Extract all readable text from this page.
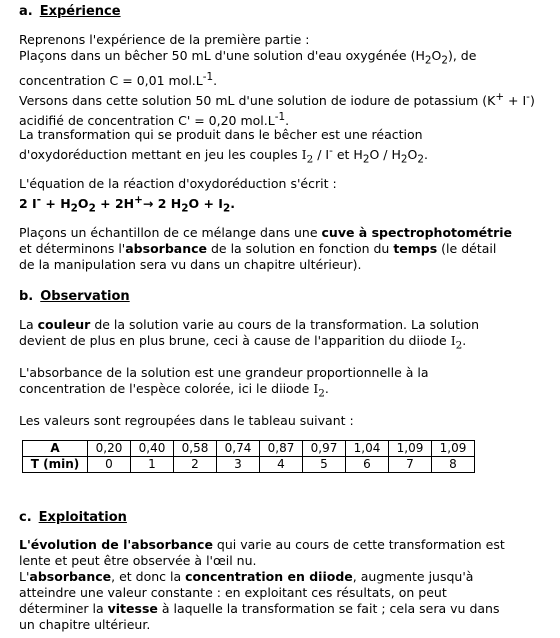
a. Expérience

Reprenons l'expérience de la première partie :

Plaçons dans un bêcher 50 mL d'une solution d'eau oxygénée $(H_2O_2)$, de

concentration C = 0,01 $mol.L^{-1}$.

Versons dans cette solution 50 mL d'une solution de iodure de potassium (K+ + I-)

acidifié de concentration C' = 0,20 $mol.L^{-1}$.

La transformation qui se produit dans le bêcher est une réaction

d'oxydoréduction mettant en jeu les couples $I_2 / I^-$ et $H_2O / H_2O_2$.

L'équation de la réaction d'oxydoréduction s'écrit :

2 $I^- + H_2O_2 + 2H^+\to 2$ $H_2O + I_2$.

Plaçons un échantillon de ce mélange dans une cuve à spectrophotométrie

et déterminons l'absorbance de la solution en fonction du temps (le détail

de la manipulation sera vu dans un chapitre ultérieur).

b. Observation

La couleur de la solution varie au cours de la transformation. La solution

devient de plus en plus brune, ceci à cause de l'apparition du diiode $I_2$.

L'absorbance de la solution est une grandeur proportionnelle à la

concentration de l'espèce colorée, ici le diiode $I_2$.

Les valeurs sont regroupées dans le tableau suivant :

A	0,20	0,40	0,58	0,74	0,87	0,97	1,04	1,09	1,09
T (min)	0	1	2	3	4	5	6	7	8
c. Exploitation

L'évolution de l'absorbance qui varie au cours de cette transformation est

lente et peut être observée à l'œil nu.

L'absorbance, et donc la concentration en diiode, augmente jusqu'à

atteindre une valeur constante : en exploitant ces résultats, on peut

déterminer la vitesse à laquelle la transformation se fait ; cela sera vu dans

un chapitre ultérieur.
